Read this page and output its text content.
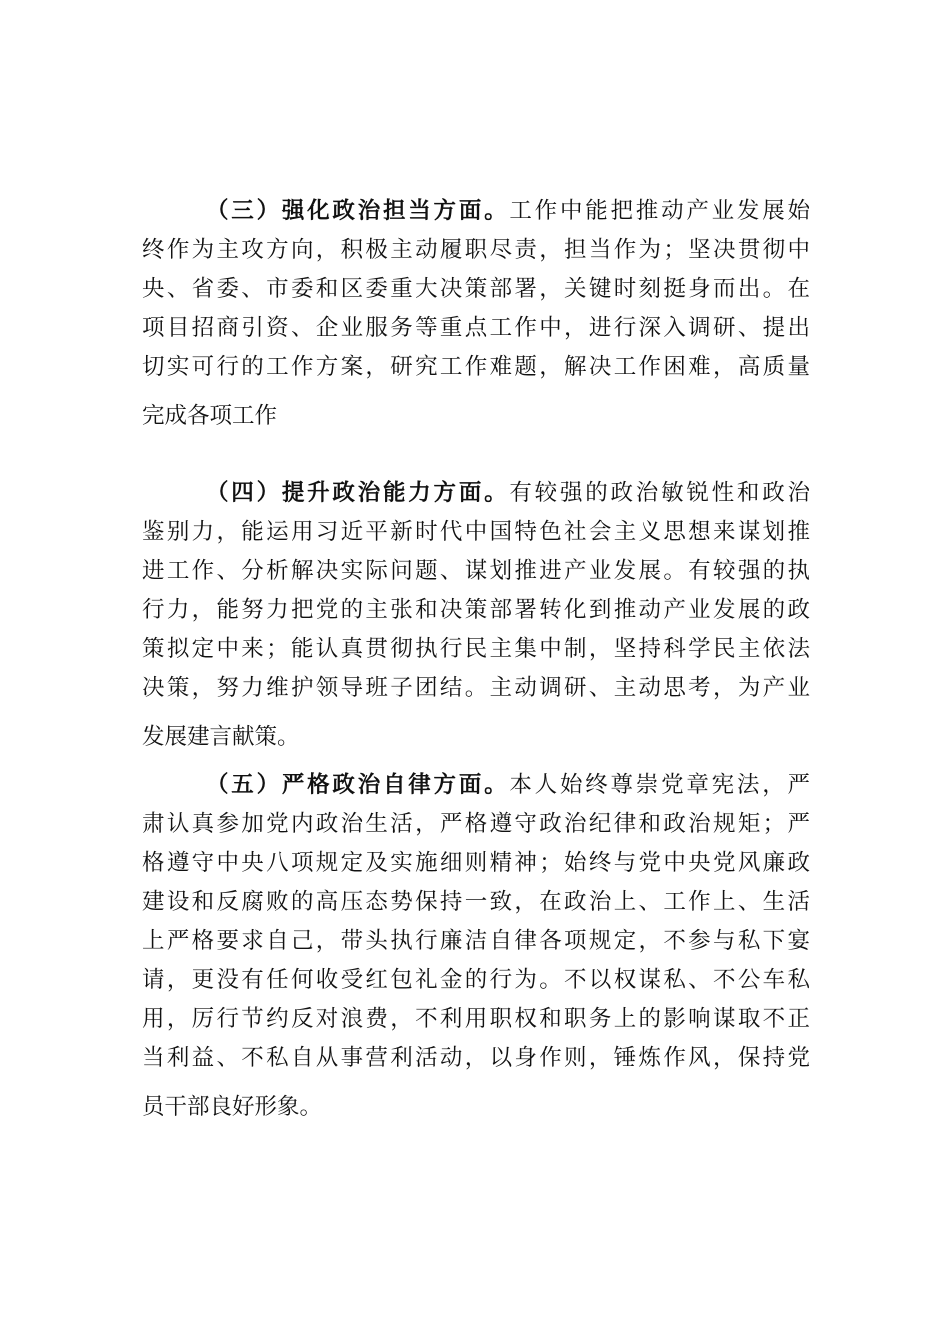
（三）强化政治担当方面。工作中能把推动产业发展始
终作为主攻方向，积极主动履职尽责，担当作为；坚决贯彻中
央、省委、市委和区委重大决策部署，关键时刻挺身而出。在
项目招商引资、企业服务等重点工作中，进行深入调研、提出
切实可行的工作方案，研究工作难题，解决工作困难，高质量
完成各项工作
（四）提升政治能力方面。有较强的政治敏锐性和政治
鉴别力，能运用习近平新时代中国特色社会主义思想来谋划推
进工作、分析解决实际问题、谋划推进产业发展。有较强的执
行力，能努力把党的主张和决策部署转化到推动产业发展的政
策拟定中来；能认真贯彻执行民主集中制，坚持科学民主依法
决策，努力维护领导班子团结。主动调研、主动思考，为产业
发展建言献策。
（五）严格政治自律方面。本人始终尊崇党章宪法，严
肃认真参加党内政治生活，严格遵守政治纪律和政治规矩；严
格遵守中央八项规定及实施细则精神；始终与党中央党风廉政
建设和反腐败的高压态势保持一致，在政治上、工作上、生活
上严格要求自己，带头执行廉洁自律各项规定，不参与私下宴
请，更没有任何收受红包礼金的行为。不以权谋私、不公车私
用，厉行节约反对浪费，不利用职权和职务上的影响谋取不正
当利益、不私自从事营利活动，以身作则，锤炼作风，保持党
员干部良好形象。
